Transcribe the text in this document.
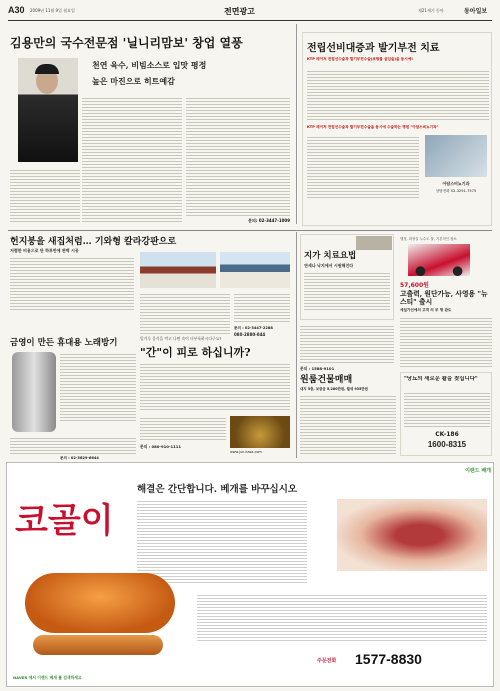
A30 2009년 11월 9일 월요일	전면광고	제21세기 동아	동아일보
김용만의 국수전문점 '닐니리맘보' 창업 열풍
천연 육수, 비빔소스로 입맛 평정
높은 마진으로 히트예감
문의: 02-3447-1009
전립선비대증과 발기부전 치료
KTP 레이저 전립선수술과 발기부전수술(보형물 삽입술)을 동시에!
KTP 레이저 전립선수술과 발기부전수술을 동시에 수술하는 병원 "아담스비뇨기과"
아담스비뇨기과
상담전화 02-3291-7575
헌지붕을 새집처럼… 기와형 칼라강판으로
저렴한 비용으로 단 하루만에 완벽 시공
문의 : 02-3447-2288
080-2880-044
금영이 만든 휴대용 노래방기
문의 : 02-3629-6644
밀가루 음식을 먹고 나면 속이 더부룩하시다구요?
"간"이 피로 하십니까?
문의 : 080-910-1111
www.jun-kasa.com
지가 치료요법
연세나 낙지에서 시원해진다
문의 : 1588-9101
행정, 화장실 누수도 물, 기본적인 청소
57,600원
고출력, 원단가능, 사영용 "뉴스티" 출시
세일가선에의 고객 의 부 명 관도
원룸건물매매
대지 5층, 보증금 5,280만원, 월세 935만원
"당뇨의 새로운 활을 찾십니다"
CK-186
1600-8315
이랜드 베개
코골이
해결은 간단합니다. 베개를 바꾸십시오
주문전화 1577-8830
NAVER 에서 이랜드 베개 를 검색하세요
